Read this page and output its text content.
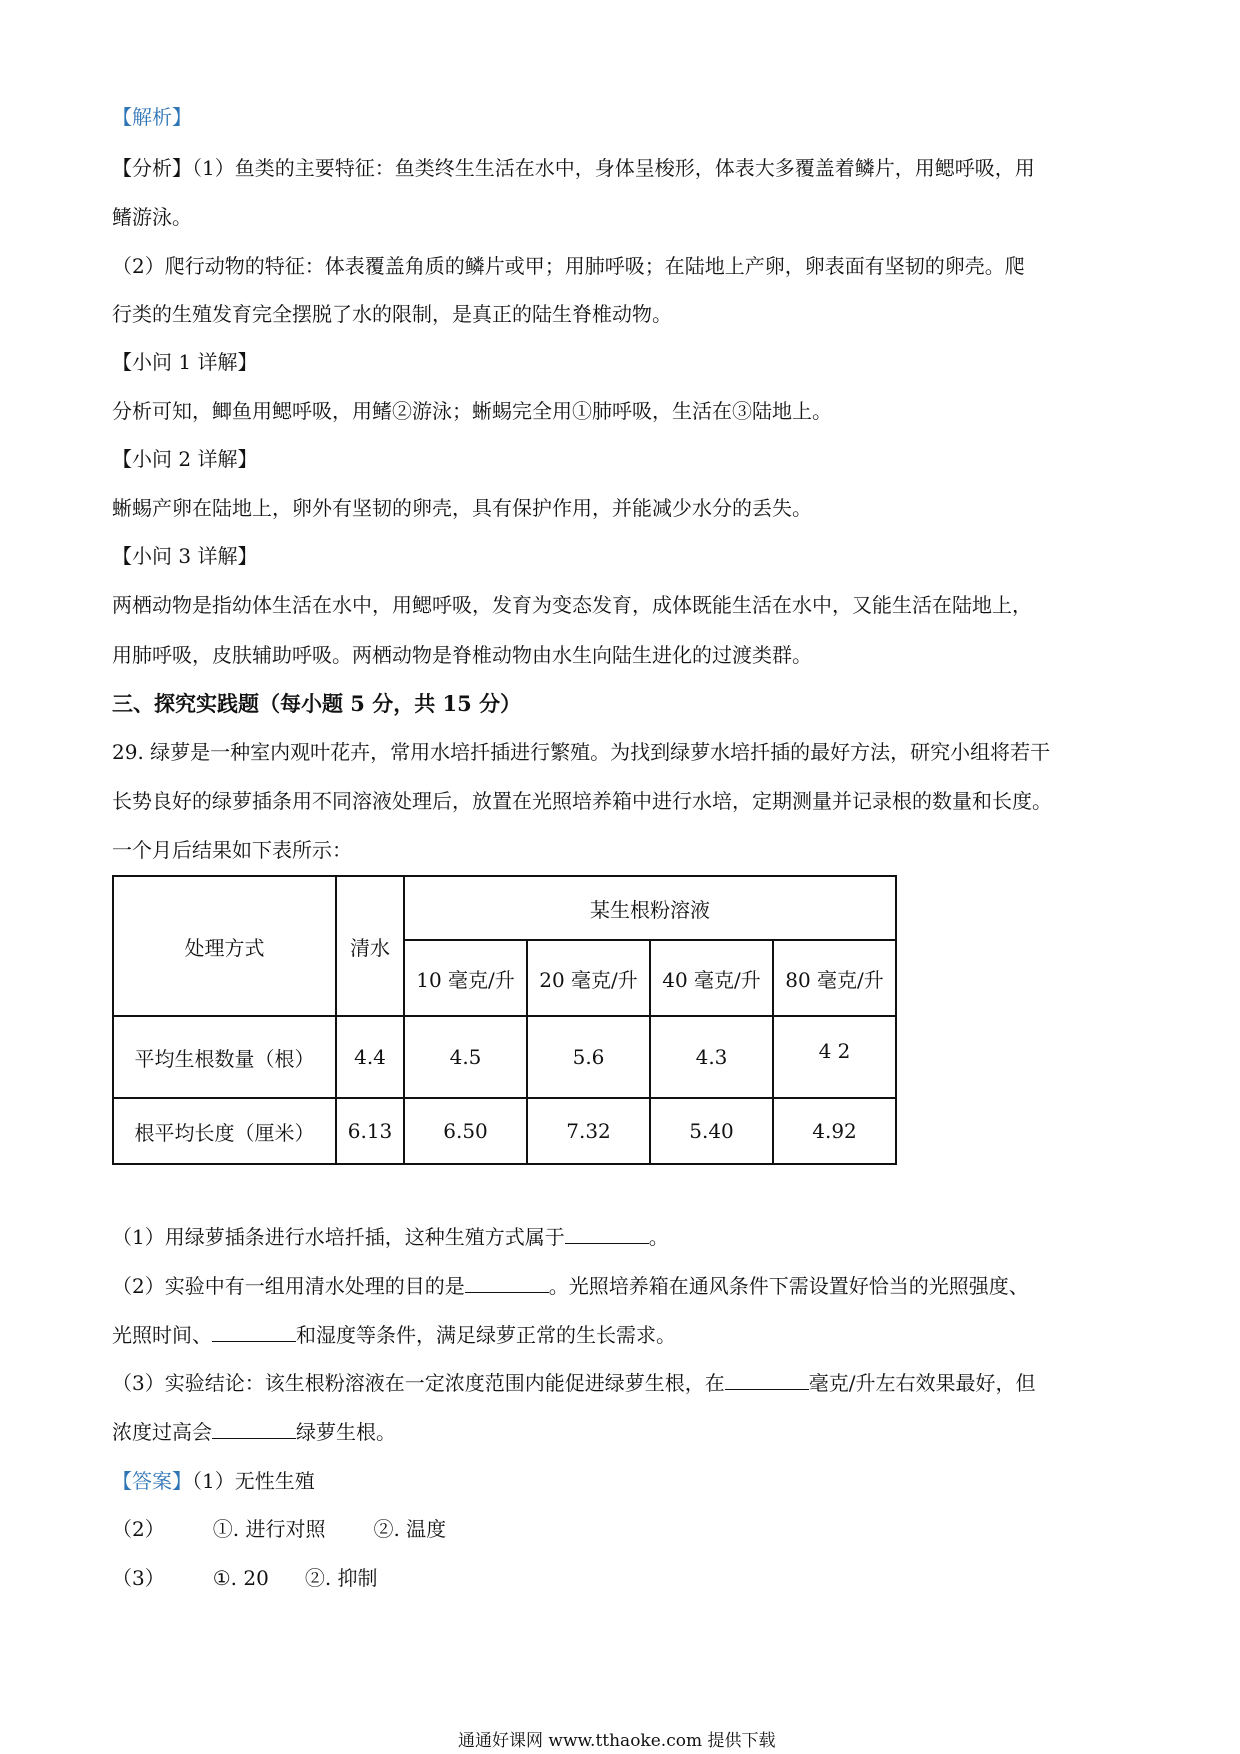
【解析】
【分析】（1）鱼类的主要特征：鱼类终生生活在水中，身体呈梭形，体表大多覆盖着鳞片，用鳃呼吸，用
鳍游泳。
（2）爬行动物的特征：体表覆盖角质的鳞片或甲；用肺呼吸；在陆地上产卵，卵表面有坚韧的卵壳。爬
行类的生殖发育完全摆脱了水的限制，是真正的陆生脊椎动物。
【小问 1 详解】
分析可知，鲫鱼用鳃呼吸，用鳍②游泳；蜥蜴完全用①肺呼吸，生活在③陆地上。
【小问 2 详解】
蜥蜴产卵在陆地上，卵外有坚韧的卵壳，具有保护作用，并能减少水分的丢失。
【小问 3 详解】
两栖动物是指幼体生活在水中，用鳃呼吸，发育为变态发育，成体既能生活在水中，又能生活在陆地上，
用肺呼吸，皮肤辅助呼吸。两栖动物是脊椎动物由水生向陆生进化的过渡类群。
三、探究实践题（每小题 5 分，共 15 分）
29. 绿萝是一种室内观叶花卉，常用水培扦插进行繁殖。为找到绿萝水培扦插的最好方法，研究小组将若干
长势良好的绿萝插条用不同溶液处理后，放置在光照培养箱中进行水培，定期测量并记录根的数量和长度。
一个月后结果如下表所示：
处理方式	清水	某生根粉溶液			
		10 毫克/升	20 毫克/升	40 毫克/升	80 毫克/升
平均生根数量（根）	4.4	4.5	5.6	4.3	4 2
根平均长度（厘米）	6.13	6.50	7.32	5.40	4.92
（1）用绿萝插条进行水培扦插，这种生殖方式属于	。
（2）实验中有一组用清水处理的目的是	。光照培养箱在通风条件下需设置好恰当的光照强度、
光照时间、	和湿度等条件，满足绿萝正常的生长需求。
（3）实验结论：该生根粉溶液在一定浓度范围内能促进绿萝生根，在	毫克/升左右效果最好，但
浓度过高会	绿萝生根。
【答案】（1）无性生殖
（2） ①. 进行对照 ②. 温度
（3） ①. 20 ②. 抑制
通通好课网 www.tthaoke.com 提供下载
